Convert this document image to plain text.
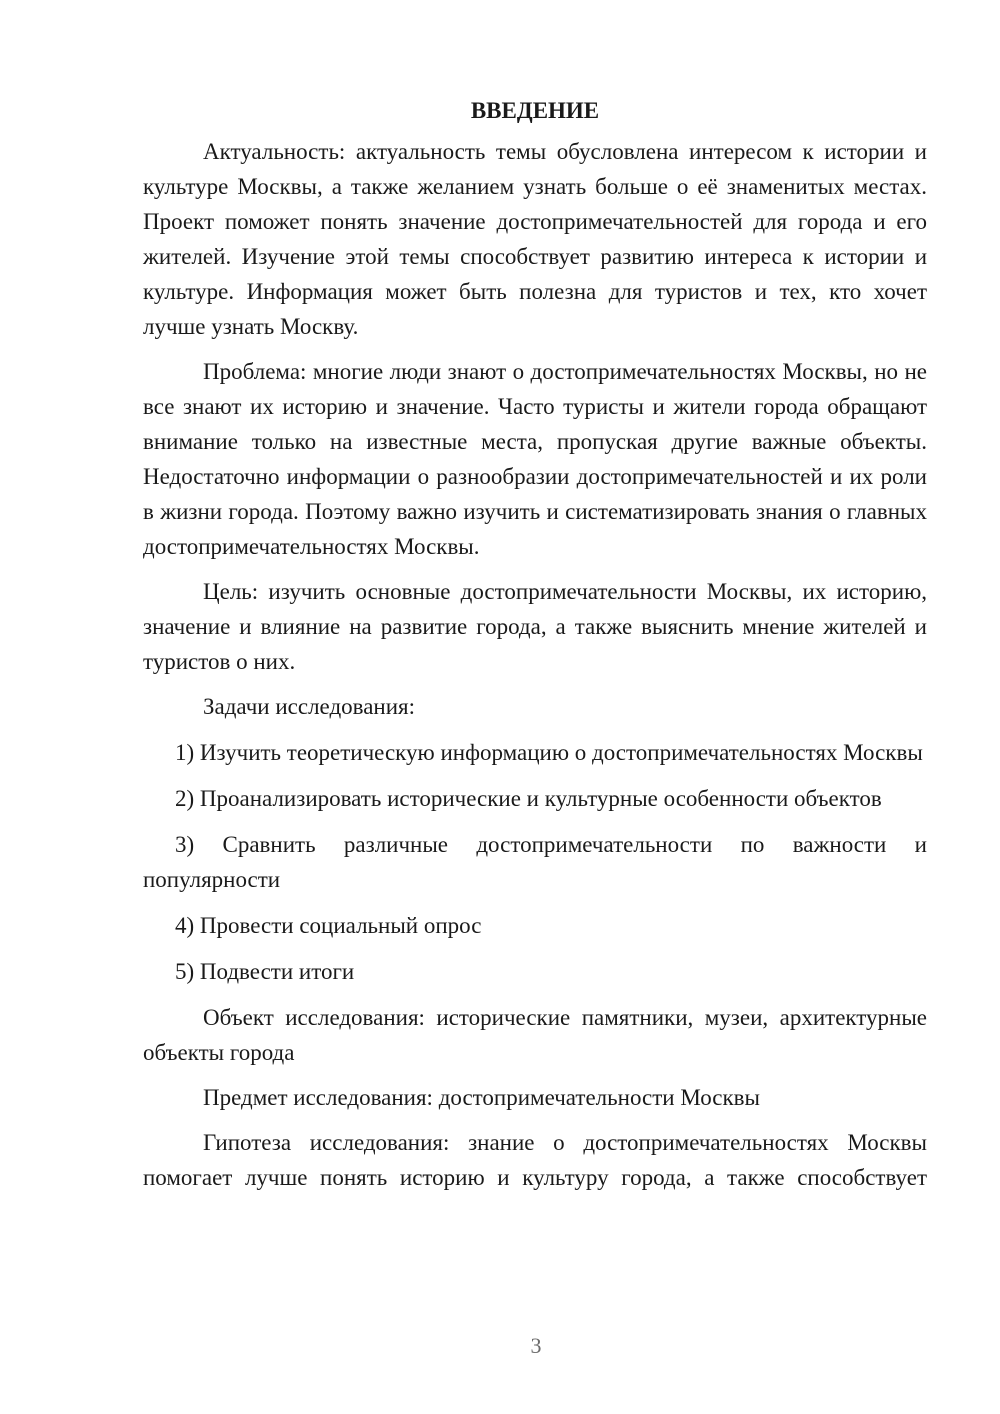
ВВЕДЕНИЕ

Актуальность: актуальность темы обусловлена интересом к истории и культуре Москвы, а также желанием узнать больше о её знаменитых местах. Проект поможет понять значение достопримечательностей для города и его жителей. Изучение этой темы способствует развитию интереса к истории и культуре. Информация может быть полезна для туристов и тех, кто хочет лучше узнать Москву.

Проблема: многие люди знают о достопримечательностях Москвы, но не все знают их историю и значение. Часто туристы и жители города обращают внимание только на известные места, пропуская другие важные объекты. Недостаточно информации о разнообразии достопримечательностей и их роли в жизни города. Поэтому важно изучить и систематизировать знания о главных достопримечательностях Москвы.

Цель: изучить основные достопримечательности Москвы, их историю, значение и влияние на развитие города, а также выяснить мнение жителей и туристов о них.

Задачи исследования:

1) Изучить теоретическую информацию о достопримечательностях Москвы

2) Проанализировать исторические и культурные особенности объектов

3) Сравнить различные достопримечательности по важности и популярности

4) Провести социальный опрос

5) Подвести итоги

Объект исследования: исторические памятники, музеи, архитектурные объекты города

Предмет исследования: достопримечательности Москвы

Гипотеза исследования: знание о достопримечательностях Москвы помогает лучше понять историю и культуру города, а также способствует

3
